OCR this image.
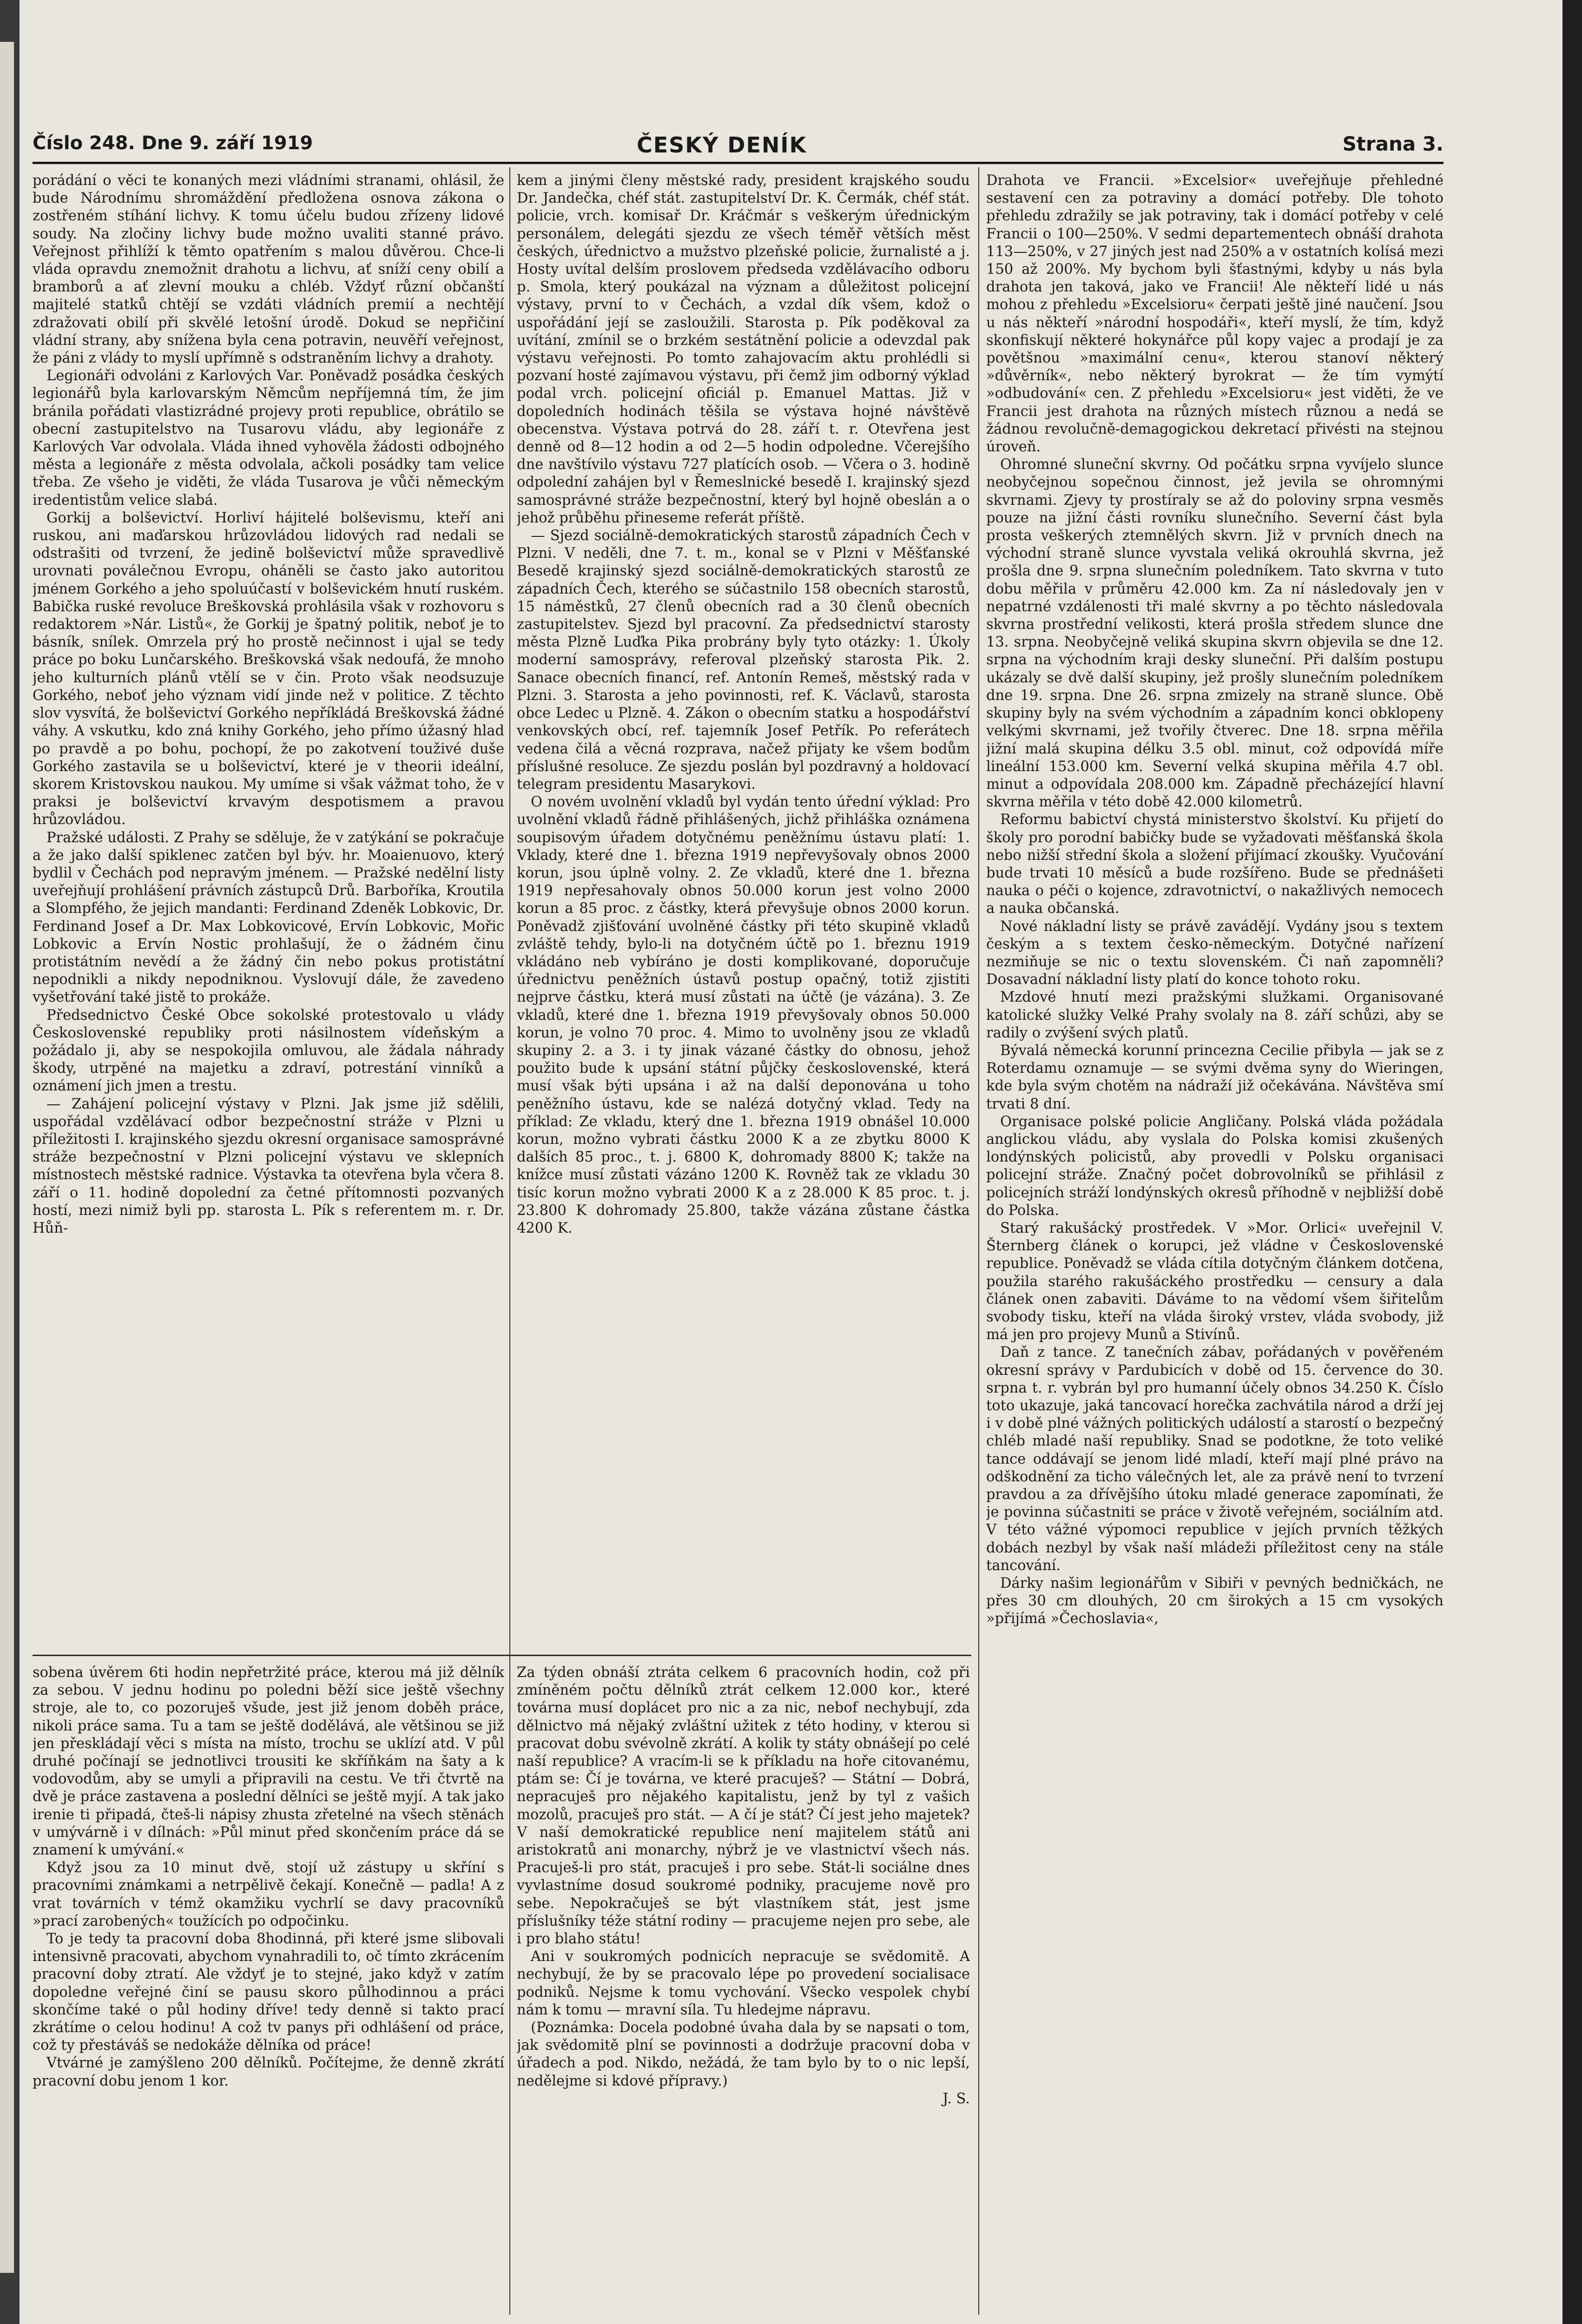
Číslo 248. Dne 9. září 1919	ČESKÝ DENÍK	Strana 3.

porádání o věci te konaných mezi vládními stranami, ohlásil, že bude Národnímu shromáždění předložena osnova zákona o zostřeném stíhání lichvy. K tomu účelu budou zřízeny lidové soudy. Na zločiny lichvy bude možno uvaliti stanné právo. Veřejnost přihlíží k těmto opatřením s malou důvěrou. Chce-li vláda opravdu znemožnit drahotu a lichvu, ať sníží ceny obilí a bramborů a ať zlevní mouku a chléb. Vždyť různí občanští majitelé statků chtějí se vzdáti vládních premií a nechtějí zdražovati obilí při skvělé letošní úrodě. Dokud se nepřičiní vládní strany, aby snížena byla cena potravin, neuvěří veřejnost, že páni z vlády to myslí upřímně s odstraněním lichvy a drahoty.

Legionáři odvoláni z Karlových Var. Poněvadž posádka českých legionářů byla karlovarským Němcům nepříjemná tím, že jim bránila pořádati vlastizrádné projevy proti republice, obrátilo se obecní zastupitelstvo na Tusarovu vládu, aby legionáře z Karlových Var odvolala. Vláda ihned vyhověla žádosti odbojného města a legionáře z města odvolala, ačkoli posádky tam velice třeba. Ze všeho je viděti, že vláda Tusarova je vůči německým iredentistům velice slabá.

Gorkij a bolševictví. Horliví hájitelé bolševismu, kteří ani ruskou, ani maďarskou hrůzovládou lidových rad nedali se odstrašiti od tvrzení, že jedině bolševictví může spravedlivě urovnati poválečnou Evropu, oháněli se často jako autoritou jménem Gorkého a jeho spoluúčastí v bolševickém hnutí ruském. Babička ruské revoluce Breškovská prohlásila však v rozhovoru s redaktorem »Nár. Listů«, že Gorkij je špatný politik, neboť je to básník, snílek. Omrzela prý ho prostě nečinnost i ujal se tedy práce po boku Lunčarského. Breškovská však nedoufá, že mnoho jeho kulturních plánů vtělí se v čin. Proto však neodsuzuje Gorkého, neboť jeho význam vidí jinde než v politice. Z těchto slov vysvítá, že bolševictví Gorkého nepříkládá Breškovská žádné váhy. A vskutku, kdo zná knihy Gorkého, jeho přímo úžasný hlad po pravdě a po bohu, pochopí, že po zakotvení touživé duše Gorkého zastavila se u bolševictví, které je v theorii ideální, skorem Kristovskou naukou. My umíme si však vážmat toho, že v praksi je bolševictví krvavým despotismem a pravou hrůzovládou.

Pražské události. Z Prahy se sděluje, že v zatýkání se pokračuje a že jako další spiklenec zatčen byl býv. hr. Moaienuovo, který bydlil v Čechách pod nepravým jménem. — Pražské nedělní listy uveřejňují prohlášení právních zástupců Drů. Barboříka, Kroutila a Slompfého, že jejich mandanti: Ferdinand Zdeněk Lobkovic, Dr. Ferdinand Josef a Dr. Max Lobkovicové, Ervín Lobkovic, Mořic Lobkovic a Ervín Nostic prohlašují, že o žádném činu protistátním nevědí a že žádný čin nebo pokus protistátní nepodnikli a nikdy nepodniknou. Vyslovují dále, že zavedeno vyšetřování také jistě to prokáže.

Předsednictvo České Obce sokolské protestovalo u vlády Československé republiky proti násilnostem vídeňským a požádalo ji, aby se nespokojila omluvou, ale žádala náhrady škody, utrpěné na majetku a zdraví, potrestání vinníků a oznámení jich jmen a trestu.

— Zahájení policejní výstavy v Plzni. Jak jsme již sdělili, uspořádal vzdělávací odbor bezpečnostní stráže v Plzni u příležitosti I. krajinského sjezdu okresní organisace samosprávné stráže bezpečnostní v Plzni policejní výstavu ve sklepních místnostech městské radnice. Výstavka ta otevřena byla včera 8. září o 11. hodině dopolední za četné přítomnosti pozvaných hostí, mezi nimiž byli pp. starosta L. Pík s referentem m. r. Dr. Hůň-

sobena úvěrem 6ti hodin nepřetržité práce, kterou má již dělník za sebou. V jednu hodinu po poledni běží sice ještě všechny stroje, ale to, co pozoruješ všude, jest již jenom doběh práce, nikoli práce sama. Tu a tam se ještě dodělává, ale většinou se již jen přeskládají věci s místa na místo, trochu se uklízí atd. V půl druhé počínají se jednotlivci trousiti ke skříňkám na šaty a k vodovodům, aby se umyli a připravili na cestu. Ve tři čtvrtě na dvě je práce zastavena a poslední dělníci se ještě myjí. A tak jako irenie ti připadá, čteš-li nápisy zhusta zřetelné na všech stěnách v umývárně i v dílnách: »Půl minut před skončením práce dá se znamení k umývání.«

Když jsou za 10 minut dvě, stojí už zástupy u skříní s pracovními známkami a netrpělivě čekají. Konečně — padla! A z vrat továrních v témž okamžiku vychrlí se davy pracovníků »prací zarobených« toužících po odpočinku.

To je tedy ta pracovní doba 8hodinná, při které jsme slibovali intensivně pracovati, abychom vynahradili to, oč tímto zkrácením pracovní doby ztratí. Ale vždyť je to stejné, jako když v zatím dopoledne veřejné činí se pausu skoro půlhodinnou a práci skončíme také o půl hodiny dříve! tedy denně si takto prací zkrátíme o celou hodinu! A což tv panys při odhlášení od práce, což ty přestáváš se nedokáže dělníka od práce!

Vtvárné je zamýšleno 200 dělníků. Počítejme, že denně zkrátí pracovní dobu jenom 1 kor.

kem a jinými členy městské rady, president krajského soudu Dr. Jandečka, chéf stát. zastupitelství Dr. K. Čermák, chéf stát. policie, vrch. komisař Dr. Kráčmár s veškerým úřednickým personálem, delegáti sjezdu ze všech téměř větších měst českých, úřednictvo a mužstvo plzeňské policie, žurnalisté a j. Hosty uvítal delším proslovem předseda vzdělávacího odboru p. Smola, který poukázal na význam a důležitost policejní výstavy, první to v Čechách, a vzdal dík všem, kdož o uspořádání její se zasloužili. Starosta p. Pík poděkoval za uvítání, zmínil se o brzkém sestátnění policie a odevzdal pak výstavu veřejnosti. Po tomto zahajovacím aktu prohlédli si pozvaní hosté zajímavou výstavu, při čemž jim odborný výklad podal vrch. policejní oficiál p. Emanuel Mattas. Již v dopoledních hodinách těšila se výstava hojné návštěvě obecenstva. Výstava potrvá do 28. září t. r. Otevřena jest denně od 8—12 hodin a od 2—5 hodin odpoledne. Včerejšího dne navštívilo výstavu 727 platících osob. — Včera o 3. hodině odpolední zahájen byl v Řemeslnické besedě I. krajinský sjezd samosprávné stráže bezpečnostní, který byl hojně obeslán a o jehož průběhu přineseme referát příště.

— Sjezd sociálně-demokratických starostů západních Čech v Plzni. V neděli, dne 7. t. m., konal se v Plzni v Měšťanské Besedě krajinský sjezd sociálně-demokratických starostů ze západních Čech, kterého se súčastnilo 158 obecních starostů, 15 náměstků, 27 členů obecních rad a 30 členů obecních zastupitelstev. Sjezd byl pracovní. Za předsednictví starosty města Plzně Luďka Pika probrány byly tyto otázky: 1. Úkoly moderní samosprávy, referoval plzeňský starosta Pik. 2. Sanace obecních financí, ref. Antonín Remeš, městský rada v Plzni. 3. Starosta a jeho povinnosti, ref. K. Václavů, starosta obce Ledec u Plzně. 4. Zákon o obecním statku a hospodářství venkovských obcí, ref. tajemník Josef Petřík. Po referátech vedena čilá a věcná rozprava, načež přijaty ke všem bodům příslušné resoluce. Ze sjezdu poslán byl pozdravný a holdovací telegram presidentu Masarykovi.

O novém uvolnění vkladů byl vydán tento úřední výklad: Pro uvolnění vkladů řádně přihlášených, jichž přihláška oznámena soupisovým úřadem dotyčnému peněžnímu ústavu platí: 1. Vklady, které dne 1. března 1919 nepřevyšovaly obnos 2000 korun, jsou úplně volny. 2. Ze vkladů, které dne 1. března 1919 nepřesahovaly obnos 50.000 korun jest volno 2000 korun a 85 proc. z částky, která převyšuje obnos 2000 korun. Poněvadž zjišťování uvolněné částky při této skupině vkladů zvláště tehdy, bylo-li na dotyčném účtě po 1. březnu 1919 vkládáno neb vybíráno je dosti komplikované, doporučuje úřednictvu peněžních ústavů postup opačný, totiž zjistiti nejprve částku, která musí zůstati na účtě (je vázána). 3. Ze vkladů, které dne 1. března 1919 převyšovaly obnos 50.000 korun, je volno 70 proc. 4. Mimo to uvolněny jsou ze vkladů skupiny 2. a 3. i ty jinak vázané částky do obnosu, jehož použito bude k upsání státní půjčky československé, která musí však býti upsána i až na další deponována u toho peněžního ústavu, kde se nalézá dotyčný vklad. Tedy na příklad: Ze vkladu, který dne 1. března 1919 obnášel 10.000 korun, možno vybrati částku 2000 K a ze zbytku 8000 K dalších 85 proc., t. j. 6800 K, dohromady 8800 K; takže na knížce musí zůstati vázáno 1200 K. Rovněž tak ze vkladu 30 tisíc korun možno vybrati 2000 K a z 28.000 K 85 proc. t. j. 23.800 K dohromady 25.800, takže vázána zůstane částka 4200 K.

Za týden obnáší ztráta celkem 6 pracovních hodin, což při zmíněném počtu dělníků ztrát celkem 12.000 kor., které továrna musí doplácet pro nic a za nic, nebof nechybují, zda dělnictvo má nějaký zvláštní užitek z této hodiny, v kterou si pracovat dobu svévolně zkrátí. A kolik ty státy obnášejí po celé naší republice? A vracím-li se k příkladu na hoře citovanému, ptám se: Čí je továrna, ve které pracuješ? — Státní — Dobrá, nepracuješ pro nějakého kapitalistu, jenž by tyl z vašich mozolů, pracuješ pro stát. — A čí je stát? Čí jest jeho majetek? V naší demokratické republice není majitelem států ani aristokratů ani monarchy, nýbrž je ve vlastnictví všech nás. Pracuješ-li pro stát, pracuješ i pro sebe. Stát-li sociálne dnes vyvlastníme dosud soukromé podniky, pracujeme nově pro sebe. Nepokračuješ se být vlastníkem stát, jest jsme příslušníky téže státní rodiny — pracujeme nejen pro sebe, ale i pro blaho státu!

Ani v soukromých podnicích nepracuje se svědomitě. A nechybují, že by se pracovalo lépe po provedení socialisace podniků. Nejsme k tomu vychování. Všecko vespolek chybí nám k tomu — mravní síla. Tu hledejme nápravu.

(Poznámka: Docela podobné úvaha dala by se napsati o tom, jak svědomitě plní se povinnosti a dodržuje pracovní doba v úřadech a pod. Nikdo, nežádá, že tam bylo by to o nic lepší, nedělejme si kdové přípravy.)

J. S.

Drahota ve Francii. »Excelsior« uveřejňuje přehledné sestavení cen za potraviny a domácí potřeby. Dle tohoto přehledu zdražily se jak potraviny, tak i domácí potřeby v celé Francii o 100—250%. V sedmi departementech obnáší drahota 113—250%, v 27 jiných jest nad 250% a v ostatních kolísá mezi 150 až 200%. My bychom byli šťastnými, kdyby u nás byla drahota jen taková, jako ve Francii! Ale někteří lidé u nás mohou z přehledu »Excelsioru« čerpati ještě jiné naučení. Jsou u nás někteří »národní hospodáři«, kteří myslí, že tím, když skonfiskují některé hokynářce půl kopy vajec a prodají je za povětšnou »maximální cenu«, kterou stanoví některý »důvěrník«, nebo některý byrokrat — že tím vymýtí »odbudování« cen. Z přehledu »Excelsioru« jest viděti, že ve Francii jest drahota na různých místech různou a nedá se žádnou revolučně-demagogickou dekretací přivésti na stejnou úroveň.

Ohromné sluneční skvrny. Od počátku srpna vyvíjelo slunce neobyčejnou sopečnou činnost, jež jevila se ohromnými skvrnami. Zjevy ty prostíraly se až do poloviny srpna vesměs pouze na jižní části rovníku slunečního. Severní část byla prosta veškerých ztemnělých skvrn. Již v prvních dnech na východní straně slunce vyvstala veliká okrouhlá skvrna, jež prošla dne 9. srpna slunečním poledníkem. Tato skvrna v tuto dobu měřila v průměru 42.000 km. Za ní následovaly jen v nepatrné vzdálenosti tři malé skvrny a po těchto následovala skvrna prostřední velikosti, která prošla středem slunce dne 13. srpna. Neobyčejně veliká skupina skvrn objevila se dne 12. srpna na východním kraji desky sluneční. Při dalším postupu ukázaly se dvě další skupiny, jež prošly slunečním poledníkem dne 19. srpna. Dne 26. srpna zmizely na straně slunce. Obě skupiny byly na svém východním a západním konci obklopeny velkými skvrnami, jež tvořily čtverec. Dne 18. srpna měřila jižní malá skupina délku 3.5 obl. minut, což odpovídá míře lineální 153.000 km. Severní velká skupina měřila 4.7 obl. minut a odpovídala 208.000 km. Západně přecházející hlavní skvrna měřila v této době 42.000 kilometrů.

Reformu babictví chystá ministerstvo školství. Ku přijetí do školy pro porodní babičky bude se vyžadovati měšťanská škola nebo nižší střední škola a složení přijímací zkoušky. Vyučování bude trvati 10 měsíců a bude rozšířeno. Bude se přednášeti nauka o péči o kojence, zdravotnictví, o nakažlivých nemocech a nauka občanská.

Nové nákladní listy se právě zavádějí. Vydány jsou s textem českým a s textem česko-německým. Dotyčné nařízení nezmiňuje se nic o textu slovenském. Či naň zapomněli? Dosavadní nákladní listy platí do konce tohoto roku.

Mzdové hnutí mezi pražskými služkami. Organisované katolické služky Velké Prahy svolaly na 8. září schůzi, aby se radily o zvýšení svých platů.

Bývalá německá korunní princezna Cecilie přibyla — jak se z Roterdamu oznamuje — se svými dvěma syny do Wieringen, kde byla svým chotěm na nádraží již očekávána. Návštěva smí trvati 8 dní.

Organisace polské policie Angličany. Polská vláda požádala anglickou vládu, aby vyslala do Polska komisi zkušených londýnských policistů, aby provedli v Polsku organisaci policejní stráže. Značný počet dobrovolníků se přihlásil z policejních stráží londýnských okresů příhodně v nejbližší době do Polska.

Starý rakušácký prostředek. V »Mor. Orlici« uveřejnil V. Šternberg článek o korupci, jež vládne v Československé republice. Poněvadž se vláda cítila dotyčným článkem dotčena, použila starého rakušáckého prostředku — censury a dala článek onen zabaviti. Dáváme to na vědomí všem šiřitelům svobody tisku, kteří na vláda široký vrstev, vláda svobody, již má jen pro projevy Munů a Stivínů.

Daň z tance. Z tanečních zábav, pořádaných v pověřeném okresní správy v Pardubicích v době od 15. července do 30. srpna t. r. vybrán byl pro humanní účely obnos 34.250 K. Číslo toto ukazuje, jaká tancovací horečka zachvátila národ a drží jej i v době plné vážných politických událostí a starostí o bezpečný chléb mladé naší republiky. Snad se podotkne, že toto veliké tance oddávají se jenom lidé mladí, kteří mají plné právo na odškodnění za ticho válečných let, ale za právě není to tvrzení pravdou a za dřívějšího útoku mladé generace zapomínati, že je povinna súčastniti se práce v životě veřejném, sociálním atd. V této vážné výpomoci republice v jejích prvních těžkých dobách nezbyl by však naší mládeži příležitost ceny na stále tancování.

Dárky našim legionářům v Sibiři v pevných bedničkách, ne přes 30 cm dlouhých, 20 cm širokých a 15 cm vysokých »přijímá »Čechoslavia«,
